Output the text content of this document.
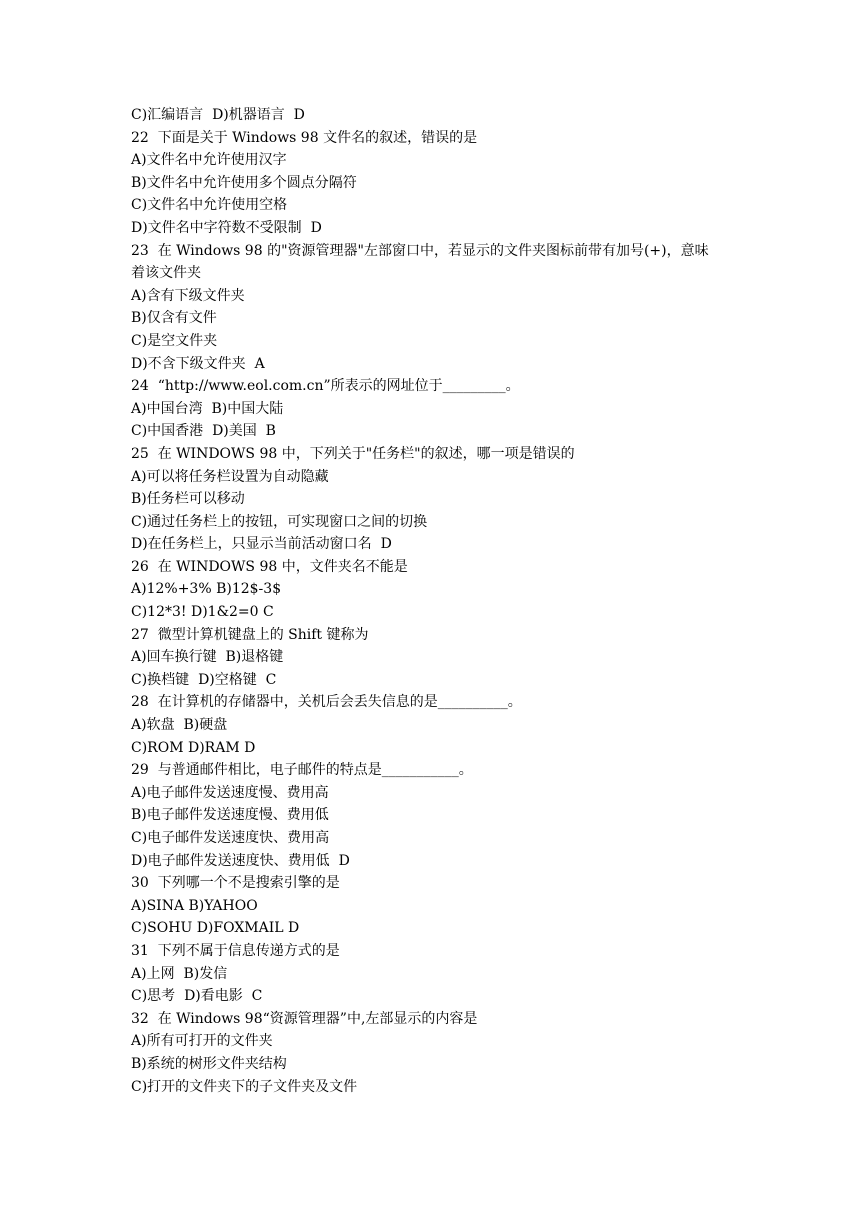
C)汇编语言  D)机器语言  D
22  下面是关于 Windows 98 文件名的叙述，错误的是
A)文件名中允许使用汉字
B)文件名中允许使用多个圆点分隔符
C)文件名中允许使用空格
D)文件名中字符数不受限制  D
23  在 Windows 98 的"资源管理器"左部窗口中，若显示的文件夹图标前带有加号(+)，意味
着该文件夹
A)含有下级文件夹
B)仅含有文件
C)是空文件夹
D)不含下级文件夹  A
24  “http://www.eol.com.cn”所表示的网址位于_________。
A)中国台湾  B)中国大陆
C)中国香港  D)美国  B
25  在 WINDOWS 98 中，下列关于"任务栏"的叙述，哪一项是错误的
A)可以将任务栏设置为自动隐藏
B)任务栏可以移动
C)通过任务栏上的按钮，可实现窗口之间的切换
D)在任务栏上，只显示当前活动窗口名  D
26  在 WINDOWS 98 中，文件夹名不能是
A)12%+3% B)12$-3$
C)12*3! D)1&2=0 C
27  微型计算机键盘上的 Shift 键称为
A)回车换行键  B)退格键
C)换档键  D)空格键  C
28  在计算机的存储器中，关机后会丢失信息的是__________。
A)软盘  B)硬盘
C)ROM D)RAM D
29  与普通邮件相比，电子邮件的特点是___________。
A)电子邮件发送速度慢、费用高
B)电子邮件发送速度慢、费用低
C)电子邮件发送速度快、费用高
D)电子邮件发送速度快、费用低  D
30  下列哪一个不是搜索引擎的是
A)SINA B)YAHOO
C)SOHU D)FOXMAIL D
31  下列不属于信息传递方式的是
A)上网  B)发信
C)思考  D)看电影  C
32  在 Windows 98“资源管理器”中,左部显示的内容是
A)所有可打开的文件夹
B)系统的树形文件夹结构
C)打开的文件夹下的子文件夹及文件
